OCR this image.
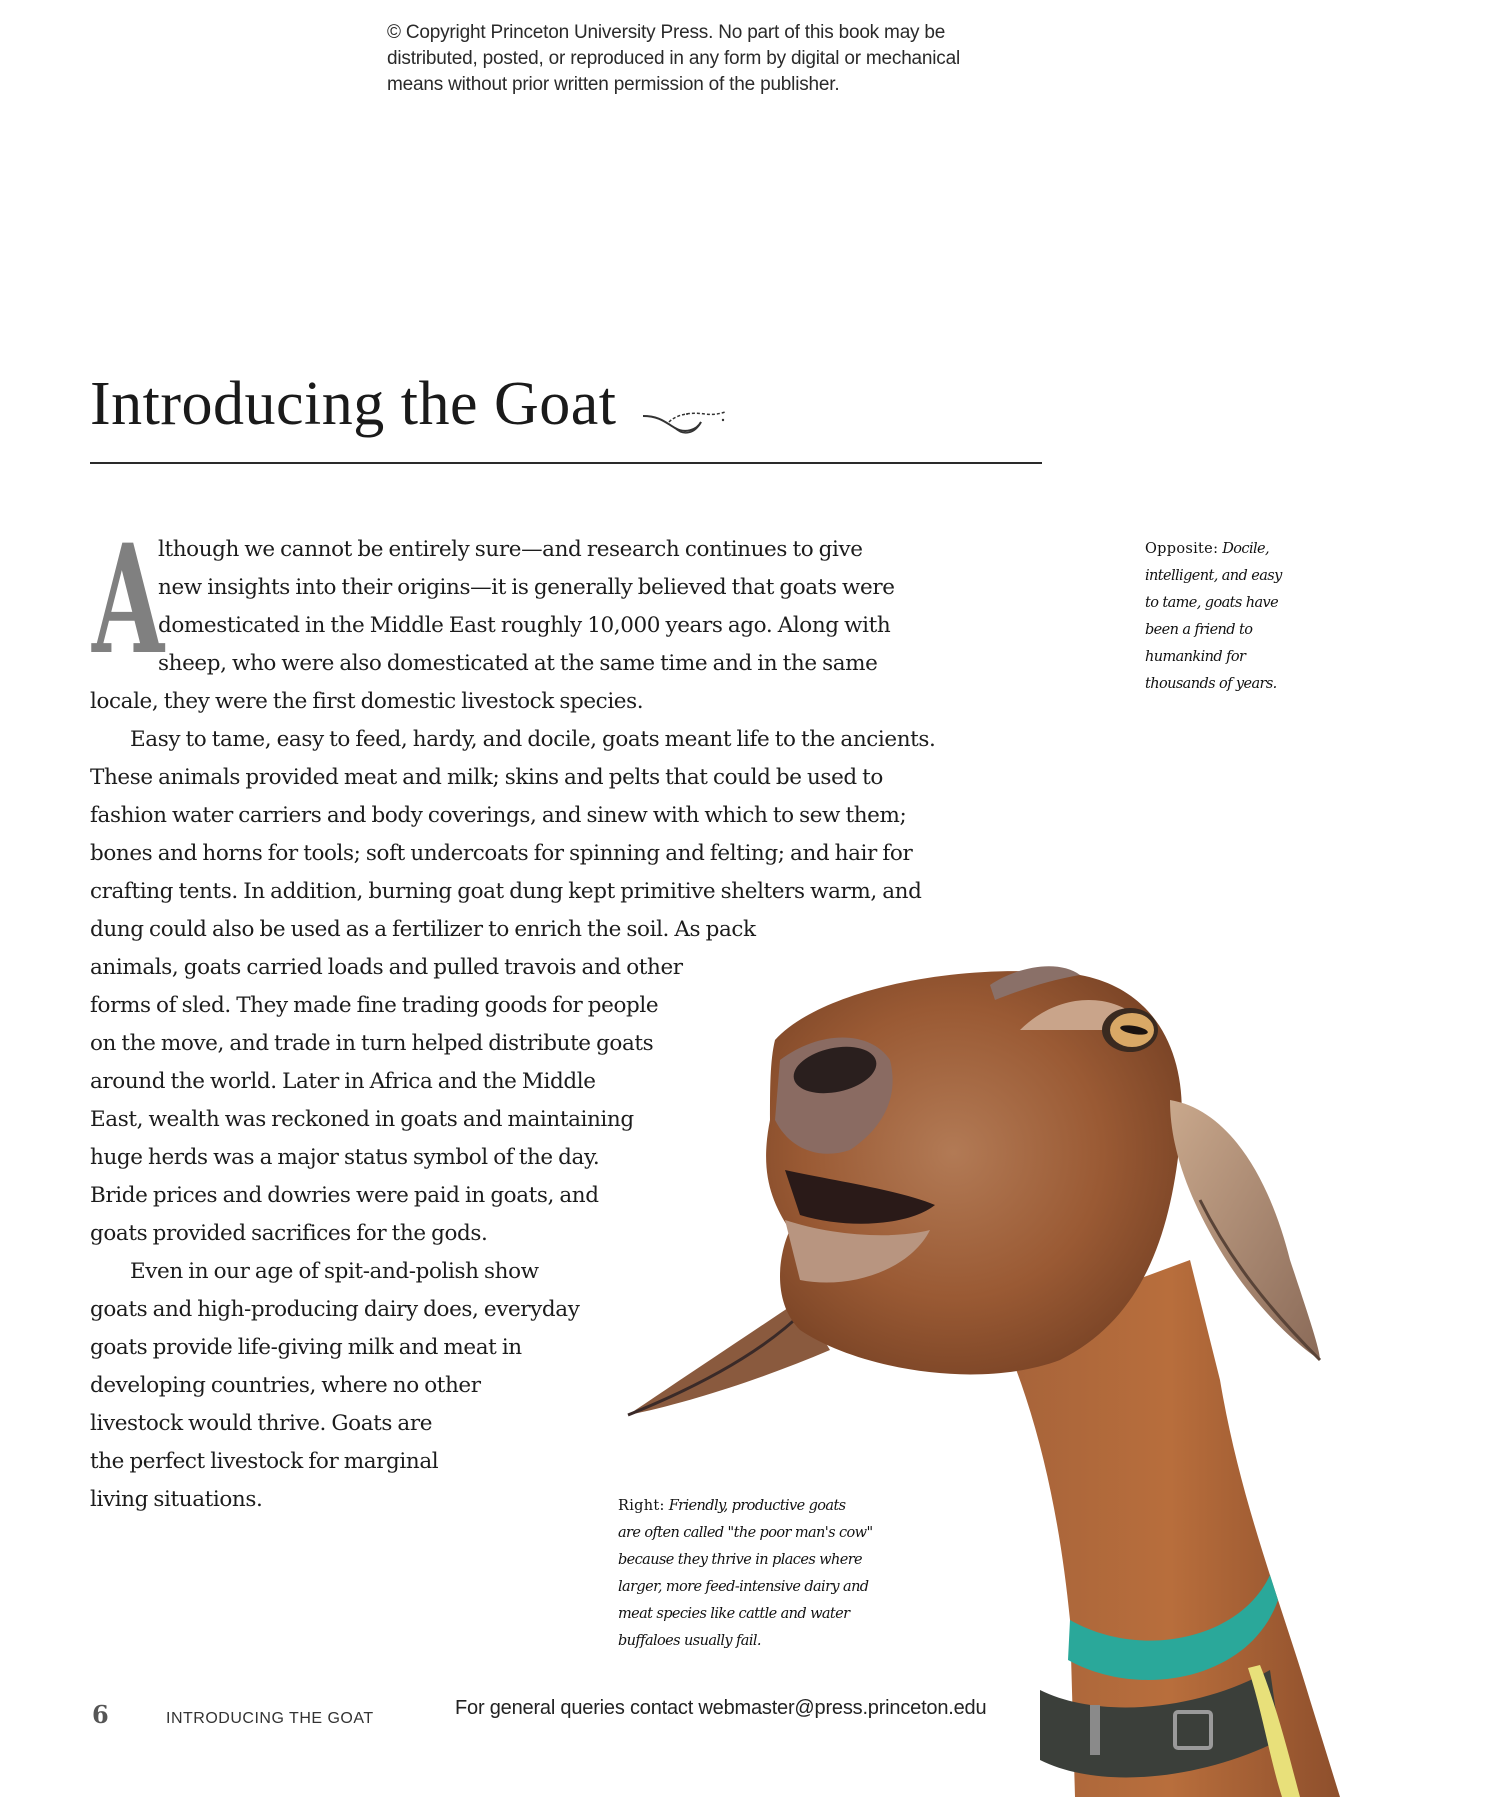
© Copyright Princeton University Press. No part of this book may be
distributed, posted, or reproduced in any form by digital or mechanical
means without prior written permission of the publisher.
Introducing the Goat
A
lthough we cannot be entirely sure—and research continues to give
new insights into their origins—it is generally believed that goats were
domesticated in the Middle East roughly 10,000 years ago. Along with
sheep, who were also domesticated at the same time and in the same
locale, they were the first domestic livestock species.
Easy to tame, easy to feed, hardy, and docile, goats meant life to the ancients.
These animals provided meat and milk; skins and pelts that could be used to
fashion water carriers and body coverings, and sinew with which to sew them;
bones and horns for tools; soft undercoats for spinning and felting; and hair for
crafting tents. In addition, burning goat dung kept primitive shelters warm, and
dung could also be used as a fertilizer to enrich the soil. As pack
animals, goats carried loads and pulled travois and other
forms of sled. They made fine trading goods for people
on the move, and trade in turn helped distribute goats
around the world. Later in Africa and the Middle
East, wealth was reckoned in goats and maintaining
huge herds was a major status symbol of the day.
Bride prices and dowries were paid in goats, and
goats provided sacrifices for the gods.
Even in our age of spit-and-polish show
goats and high-producing dairy does, everyday
goats provide life-giving milk and meat in
developing countries, where no other
livestock would thrive. Goats are
the perfect livestock for marginal
living situations.
Opposite: Docile,
intelligent, and easy
to tame, goats have
been a friend to
humankind for
thousands of years.
Right: Friendly, productive goats
are often called "the poor man's cow"
because they thrive in places where
larger, more feed-intensive dairy and
meat species like cattle and water
buffaloes usually fail.
6	INTRODUCING THE GOAT	For general queries contact webmaster@press.princeton.edu
